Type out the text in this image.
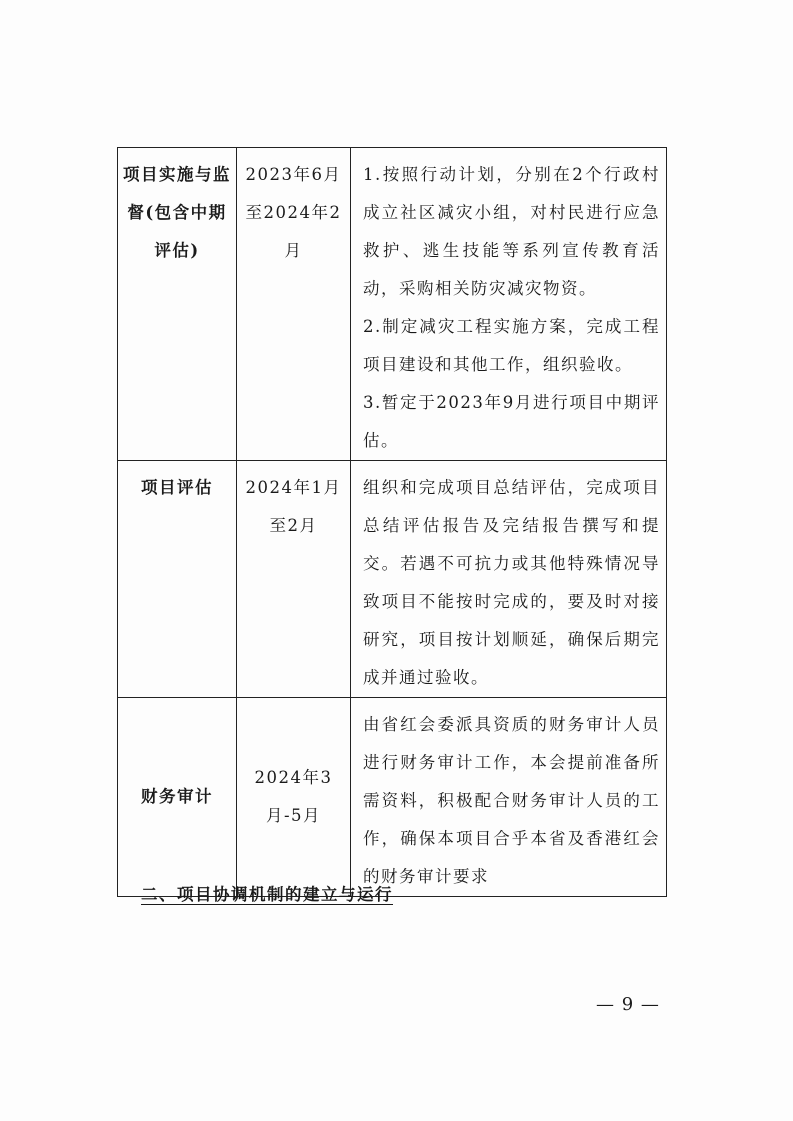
项目实施与监督(包含中期评估)	2023年6月至2024年2月	1.按照行动计划，分别在2个行政村成立社区减灾小组，对村民进行应急救护、逃生技能等系列宣传教育活动，采购相关防灾减灾物资。
2.制定减灾工程实施方案，完成工程项目建设和其他工作，组织验收。
3.暂定于2023年9月进行项目中期评估。

项目评估	2024年1月至2月	组织和完成项目总结评估，完成项目总结评估报告及完结报告撰写和提交。若遇不可抗力或其他特殊情况导致项目不能按时完成的，要及时对接研究，项目按计划顺延，确保后期完成并通过验收。

财务审计	2024年3月-5月	由省红会委派具资质的财务审计人员进行财务审计工作，本会提前准备所需资料，积极配合财务审计人员的工作，确保本项目合乎本省及香港红会的财务审计要求
二、项目协调机制的建立与运行
— 9 —
